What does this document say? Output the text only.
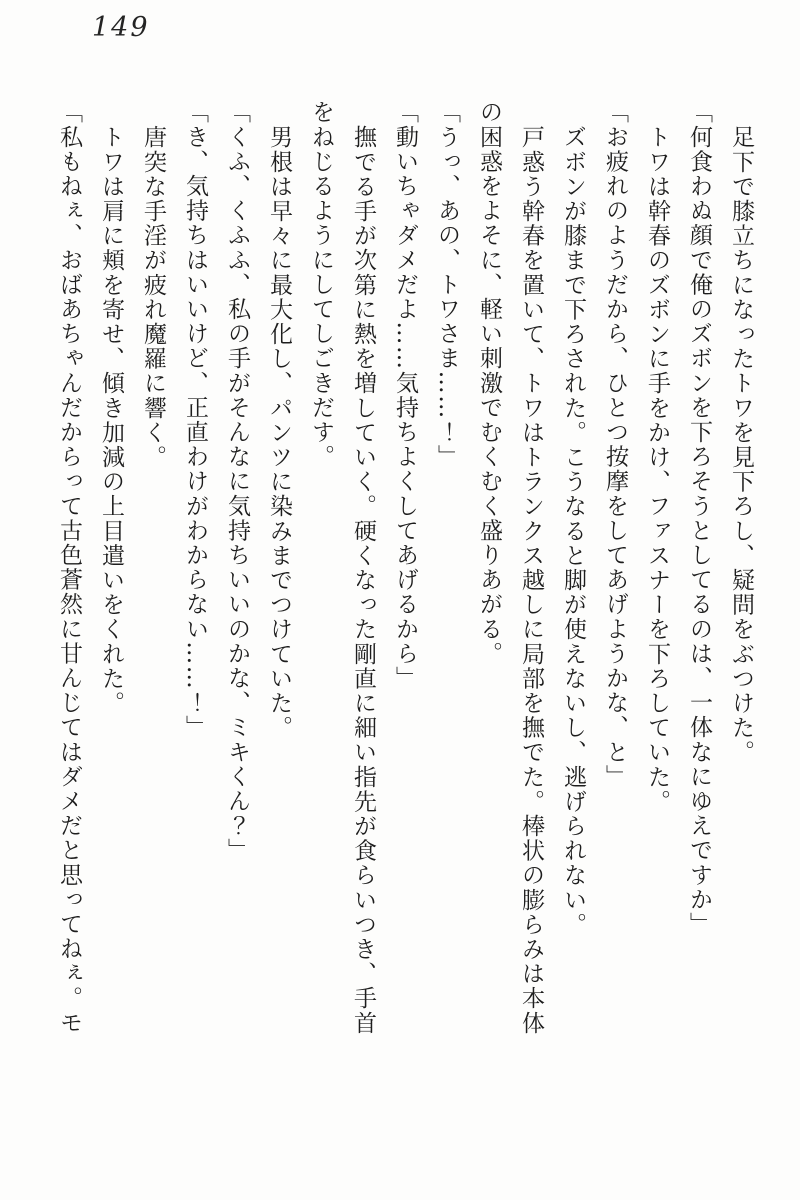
149

足下で膝立ちになったトワを見下ろし、疑問をぶつけた。

「何食わぬ顔で俺のズボンを下ろそうとしてるのは、一体なにゆえですか」

トワは幹春のズボンに手をかけ、ファスナーを下ろしていた。

「お疲れのようだから、ひとつ按摩をしてあげようかな、と」

ズボンが膝まで下ろされた。こうなると脚が使えないし、逃げられない。

戸惑う幹春を置いて、トワはトランクス越しに局部を撫でた。棒状の膨らみは本体の困惑をよそに、軽い刺激でむくむく盛りあがる。

「うっ、あの、トワさま……！」

「動いちゃダメだよ……気持ちよくしてあげるから」

撫でる手が次第に熱を増していく。硬くなった剛直に細い指先が食らいつき、手首をねじるようにしてしごきだす。

男根は早々に最大化し、パンツに染みまでつけていた。

「くふ、くふふ、私の手がそんなに気持ちいいのかな、ミキくん？」

「き、気持ちはいいけど、正直わけがわからない……！」

唐突な手淫が疲れ魔羅に響く。

トワは肩に頬を寄せ、傾き加減の上目遣いをくれた。

「私もねぇ、おばあちゃんだからって古色蒼然に甘んじてはダメだと思ってねぇ。モ
